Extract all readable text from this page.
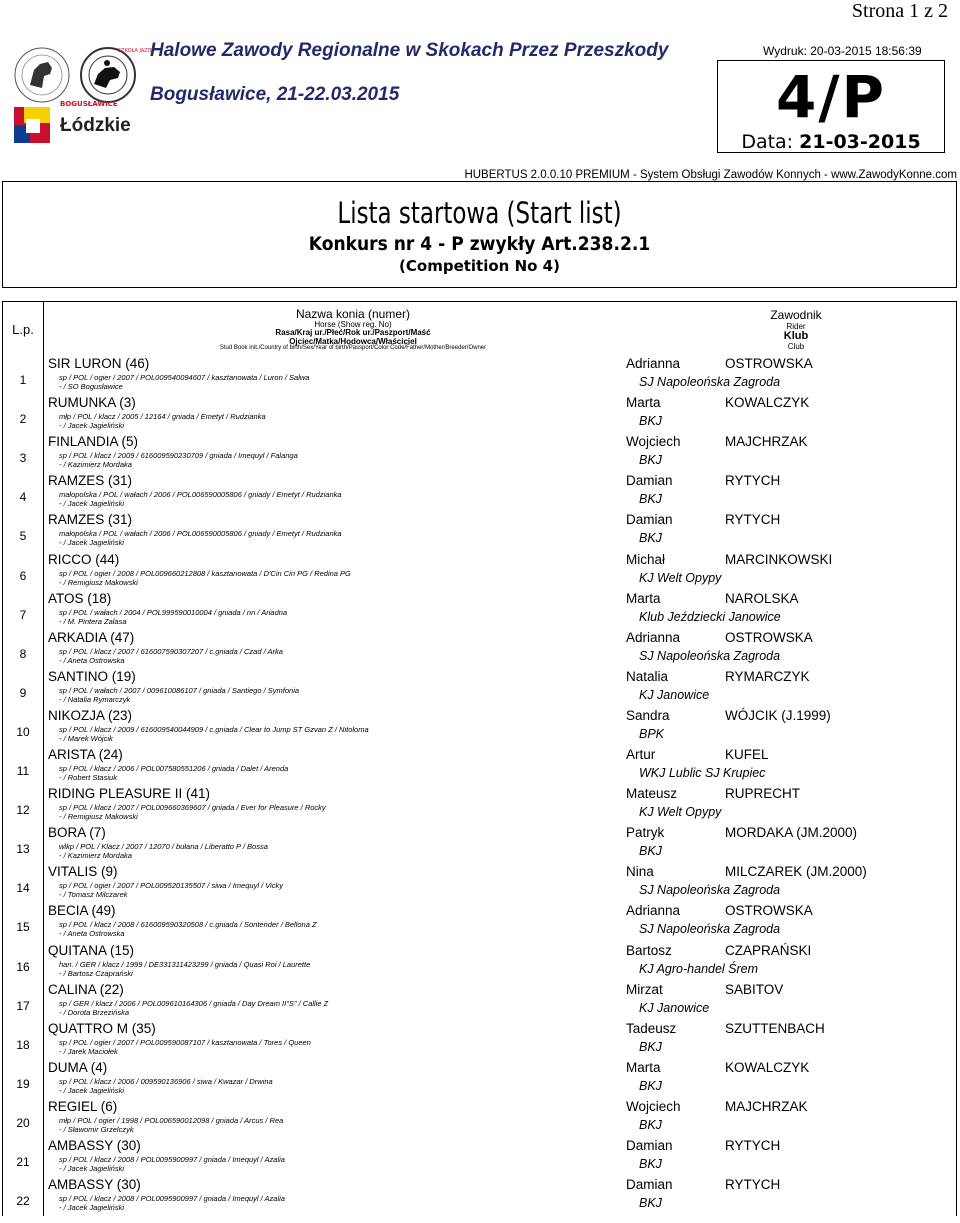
Strona 1 z 2
BOGUSŁAWICE
SZKOŁA JAZDY
Łódzkie
Halowe Zawody Regionalne w Skokach Przez Przeszkody
Bogusławice, 21-22.03.2015
Wydruk: 20-03-2015 18:56:39
4/P
Data: 21-03-2015
HUBERTUS 2.0.0.10 PREMIUM - System Obsługi Zawodów Konnych - www.ZawodyKonne.com
Lista startowa (Start list)
Konkurs nr 4 - P zwykły Art.238.2.1
(Competition No 4)
L.p.
Nazwa konia (numer)
Horse (Show reg. No)
Rasa/Kraj ur./Płeć/Rok ur./Paszport/Maść
Ojciec/Matka/Hodowca/Właściciel
Stud Book init./Country of birth/Sex/Year of birth/Passport/Color Code/Father/Mother/Breeder/Owner
Zawodnik
Rider
Klub
Club
1
SIR LURON (46)
sp / POL / ogier / 2007 / POL009540094607 / kasztanowata / Luron / Salwa
- / SO Bogusławice
Adrianna	OSTROWSKA
SJ Napoleońska Zagroda
2
RUMUNKA (3)
młp / POL / klacz / 2005 / 12164 / gniada / Emetyt / Rudzianka
- / Jacek Jagieliński
Marta	KOWALCZYK
BKJ
3
FINLANDIA (5)
sp / POL / klacz / 2009 / 616009590230709 / gniada / Imequyl / Falanga
- / Kazimierz Mordaka
Wojciech	MAJCHRZAK
BKJ
4
RAMZES (31)
małopolska / POL / wałach / 2006 / POL006590005806 / gniady / Emetyt / Rudzianka
- / Jacek Jagieliński
Damian	RYTYCH
BKJ
5
RAMZES (31)
małopolska / POL / wałach / 2006 / POL006590005806 / gniady / Emetyt / Rudzianka
- / Jacek Jagieliński
Damian	RYTYCH
BKJ
6
RICCO (44)
sp / POL / ogier / 2008 / POL009660212808 / kasztanowata / D'Cin Cin PG / Redina PG
- / Remigiusz Makowski
Michał	MARCINKOWSKI
KJ Welt Opypy
7
ATOS (18)
sp / POL / wałach / 2004 / POL999590010004 / gniada / nn / Ariadna
- / M. Pintera Zalasa
Marta	NAROLSKA
Klub Jeździecki Janowice
8
ARKADIA (47)
sp / POL / klacz / 2007 / 616007590307207 / c.gniada / Czad / Arka
- / Aneta Ostrowska
Adrianna	OSTROWSKA
SJ Napoleońska Zagroda
9
SANTINO (19)
sp / POL / wałach / 2007 / 009610086107 / gniada / Santiego / Symfonia
- / Natalia Rymarczyk
Natalia	RYMARCZYK
KJ Janowice
10
NIKOZJA (23)
sp / POL / klacz / 2009 / 616009540044909 / c.gniada / Clear to Jump ST Gzvan Z / Nitoloma
- / Marek Wójcik
Sandra	WÓJCIK (J.1999)
BPK
11
ARISTA (24)
sp / POL / klacz / 2006 / POL007580551206 / gniada / Dalet / Arenda
- / Robert Stasiuk
Artur	KUFEL
WKJ Lublic SJ Krupiec
12
RIDING PLEASURE II (41)
sp / POL / klacz / 2007 / POL009660369607 / gniada / Ever for Pleasure / Rocky
- / Remigiusz Makowski
Mateusz	RUPRECHT
KJ Welt Opypy
13
BORA (7)
wlkp / POL / Klacz / 2007 / 12070 / bułana / Liberatto P / Bossa
- / Kazimierz Mordaka
Patryk	MORDAKA (JM.2000)
BKJ
14
VITALIS (9)
sp / POL / ogier / 2007 / POL009520135507 / siwa / Imequyl / Vicky
- / Tomasz Milczarek
Nina	MILCZAREK (JM.2000)
SJ Napoleońska Zagroda
15
BECIA (49)
sp / POL / klacz / 2008 / 616009590320508 / c.gniada / Sontender / Bellona Z
- / Aneta Ostrowska
Adrianna	OSTROWSKA
SJ Napoleońska Zagroda
16
QUITANA (15)
han. / GER / klacz / 1999 / DE331311423299 / gniada / Quasi Roi / Laurette
- / Bartosz Czaprański
Bartosz	CZAPRAŃSKI
KJ Agro-handel Śrem
17
CALINA (22)
sp / GER / klacz / 2006 / POL009610164306 / gniada / Day Dream II"S" / Callie Z
- / Dorota Brzezińska
Mirzat	SABITOV
KJ Janowice
18
QUATTRO M (35)
sp / POL / ogier / 2007 / POL009590087107 / kasztanowata / Tores / Queen
- / Jarek Maciołek
Tadeusz	SZUTTENBACH
BKJ
19
DUMA (4)
sp / POL / klacz / 2006 / 009590136906 / siwa / Kwazar / Drwina
- / Jacek Jagieliński
Marta	KOWALCZYK
BKJ
20
REGIEL (6)
młp / POL / ogier / 1998 / POL006590012098 / gniada / Arcus / Rea
- / Sławomir Grzelczyk
Wojciech	MAJCHRZAK
BKJ
21
AMBASSY (30)
sp / POL / klacz / 2008 / POL0095900997 / gniada / Imequyl / Azalia
- / Jacek Jagieliński
Damian	RYTYCH
BKJ
22
AMBASSY (30)
sp / POL / klacz / 2008 / POL0095900997 / gniada / Imequyl / Azalia
- / Jacek Jagieliński
Damian	RYTYCH
BKJ
